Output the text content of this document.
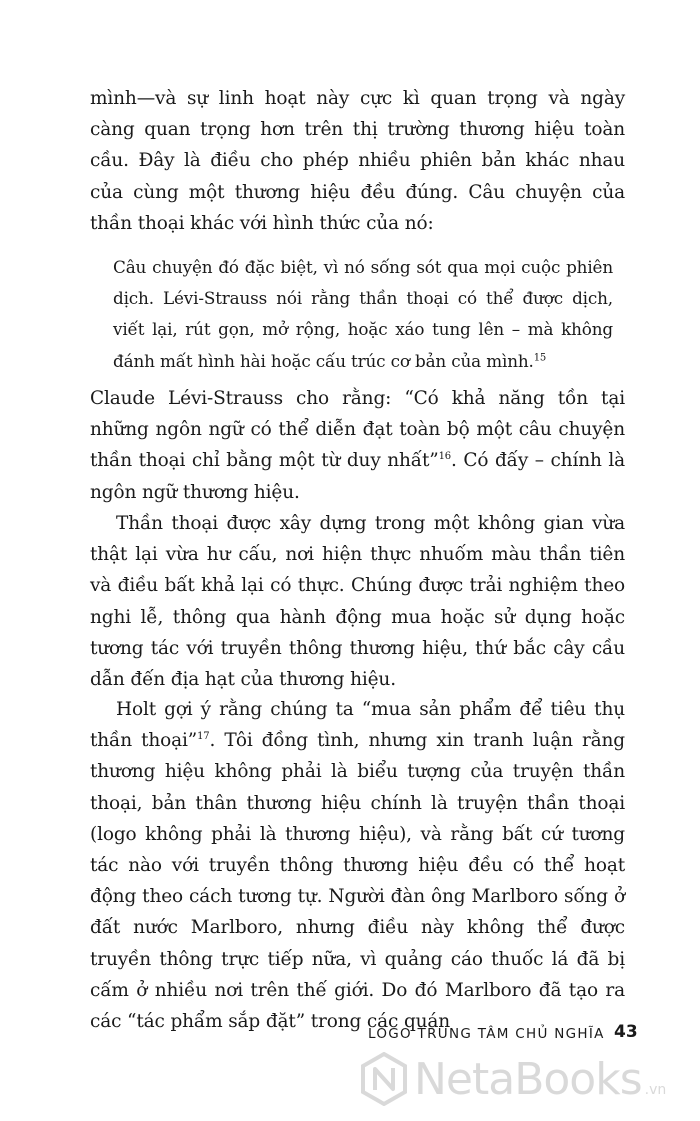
mình—và sự linh hoạt này cực kì quan trọng và ngày càng quan trọng hơn trên thị trường thương hiệu toàn cầu. Đây là điều cho phép nhiều phiên bản khác nhau của cùng một thương hiệu đều đúng. Câu chuyện của thần thoại khác với hình thức của nó:

Câu chuyện đó đặc biệt, vì nó sống sót qua mọi cuộc phiên dịch. Lévi-Strauss nói rằng thần thoại có thể được dịch, viết lại, rút gọn, mở rộng, hoặc xáo tung lên – mà không đánh mất hình hài hoặc cấu trúc cơ bản của mình.$^{15}$

Claude Lévi-Strauss cho rằng: “Có khả năng tồn tại những ngôn ngữ có thể diễn đạt toàn bộ một câu chuyện thần thoại chỉ bằng một từ duy nhất”$^{16}$. Có đấy – chính là ngôn ngữ thương hiệu.

Thần thoại được xây dựng trong một không gian vừa thật lại vừa hư cấu, nơi hiện thực nhuốm màu thần tiên và điều bất khả lại có thực. Chúng được trải nghiệm theo nghi lễ, thông qua hành động mua hoặc sử dụng hoặc tương tác với truyền thông thương hiệu, thứ bắc cây cầu dẫn đến địa hạt của thương hiệu.

Holt gợi ý rằng chúng ta “mua sản phẩm để tiêu thụ thần thoại”$^{17}$. Tôi đồng tình, nhưng xin tranh luận rằng thương hiệu không phải là biểu tượng của truyện thần thoại, bản thân thương hiệu chính là truyện thần thoại (logo không phải là thương hiệu), và rằng bất cứ tương tác nào với truyền thông thương hiệu đều có thể hoạt động theo cách tương tự. Người đàn ông Marlboro sống ở đất nước Marlboro, nhưng điều này không thể được truyền thông trực tiếp nữa, vì quảng cáo thuốc lá đã bị cấm ở nhiều nơi trên thế giới. Do đó Marlboro đã tạo ra các “tác phẩm sắp đặt” trong các quán

LOGO TRUNG TÂM CHỦ NGHĨA 43
NetaBooks .vn
